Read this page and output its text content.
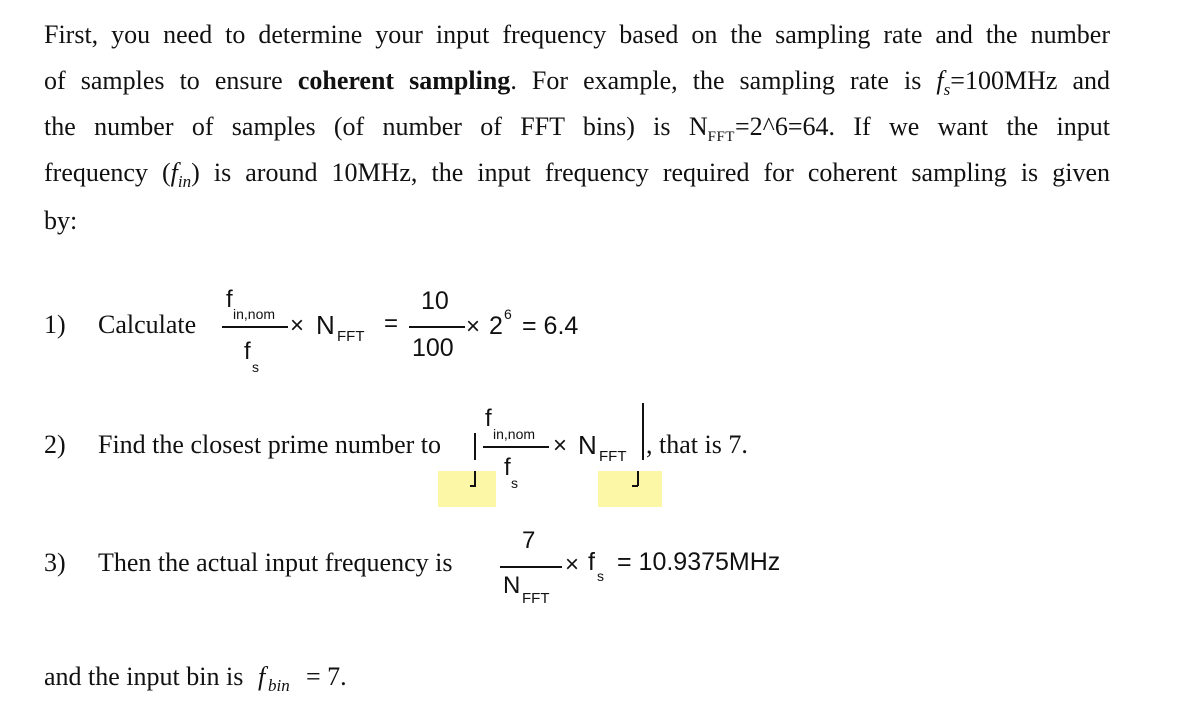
First, you need to determine your input frequency based on the sampling rate and the number
of samples to ensure coherent sampling. For example, the sampling rate is $f_s=100MHz$ and
the number of samples (of number of FFT bins) is $N_{FFT}=2\^{}6=64$. If we want the input
frequency $(f_{in})$ is around 10MHz, the input frequency required for coherent sampling is given
by:
1) Calculate
f
in,nom
f
s
× N FFT =
10
100
× 2 6 = 6.4
2) Find the closest prime number to
f
in,nom
f
s
× N FFT , that is 7.
3) Then the actual input frequency is
7
N FFT
× f s = 10.9375MHz
and the input bin is f bin = 7.
